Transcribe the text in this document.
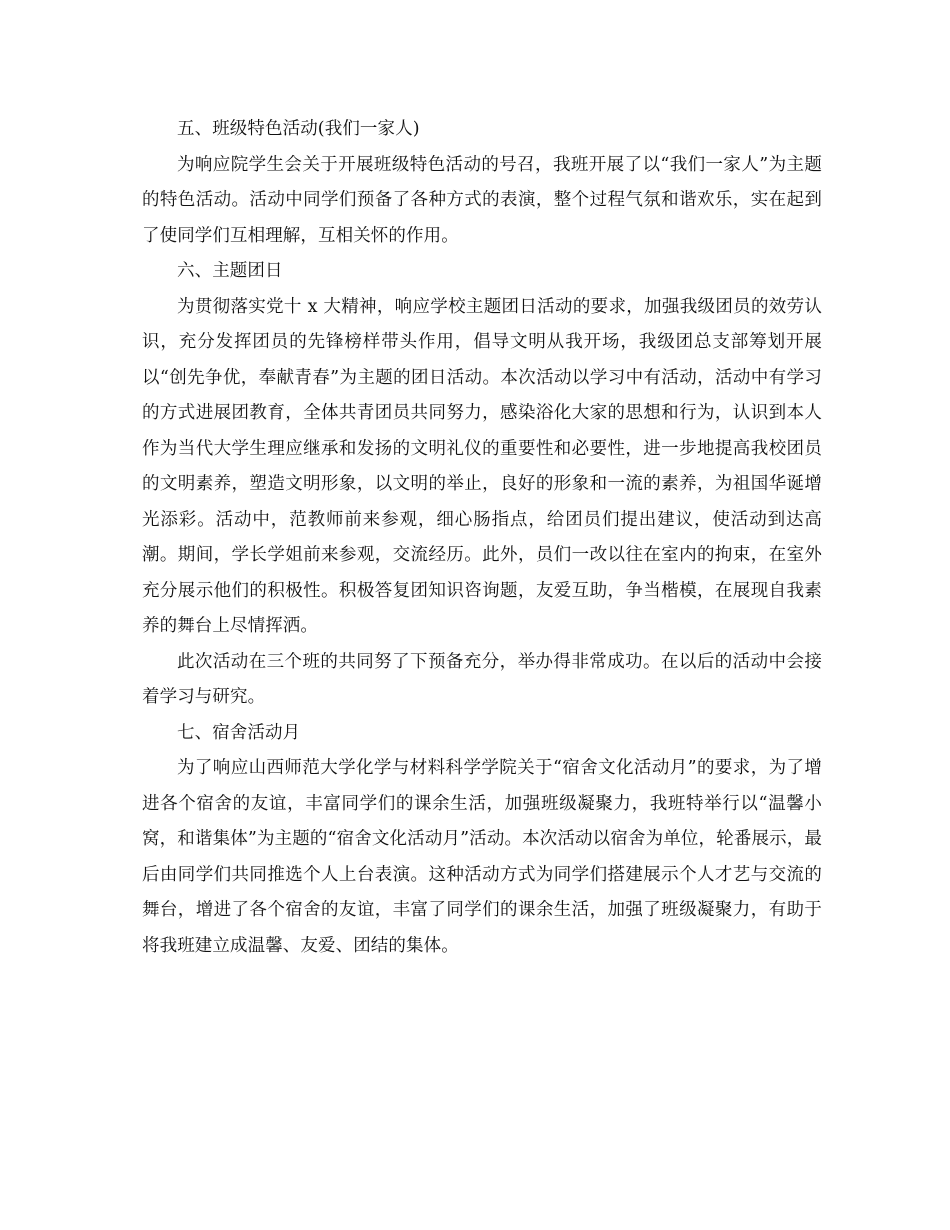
五、班级特色活动(我们一家人)

为响应院学生会关于开展班级特色活动的号召，我班开展了以“我们一家人”为主题的特色活动。活动中同学们预备了各种方式的表演，整个过程气氛和谐欢乐，实在起到了使同学们互相理解，互相关怀的作用。

六、主题团日

为贯彻落实党十 x 大精神，响应学校主题团日活动的要求，加强我级团员的效劳认识，充分发挥团员的先锋榜样带头作用，倡导文明从我开场，我级团总支部筹划开展以“创先争优，奉献青春”为主题的团日活动。本次活动以学习中有活动，活动中有学习的方式进展团教育，全体共青团员共同努力，感染浴化大家的思想和行为，认识到本人作为当代大学生理应继承和发扬的文明礼仪的重要性和必要性，进一步地提高我校团员的文明素养，塑造文明形象，以文明的举止，良好的形象和一流的素养，为祖国华诞增光添彩。活动中，范教师前来参观，细心肠指点，给团员们提出建议，使活动到达高潮。期间，学长学姐前来参观，交流经历。此外，员们一改以往在室内的拘束，在室外充分展示他们的积极性。积极答复团知识咨询题，友爱互助，争当楷模，在展现自我素养的舞台上尽情挥洒。

此次活动在三个班的共同努了下预备充分，举办得非常成功。在以后的活动中会接着学习与研究。

七、宿舍活动月

为了响应山西师范大学化学与材料科学学院关于“宿舍文化活动月”的要求，为了增进各个宿舍的友谊，丰富同学们的课余生活，加强班级凝聚力，我班特举行以“温馨小窝，和谐集体”为主题的“宿舍文化活动月”活动。本次活动以宿舍为单位，轮番展示，最后由同学们共同推选个人上台表演。这种活动方式为同学们搭建展示个人才艺与交流的舞台，增进了各个宿舍的友谊，丰富了同学们的课余生活，加强了班级凝聚力，有助于将我班建立成温馨、友爱、团结的集体。
